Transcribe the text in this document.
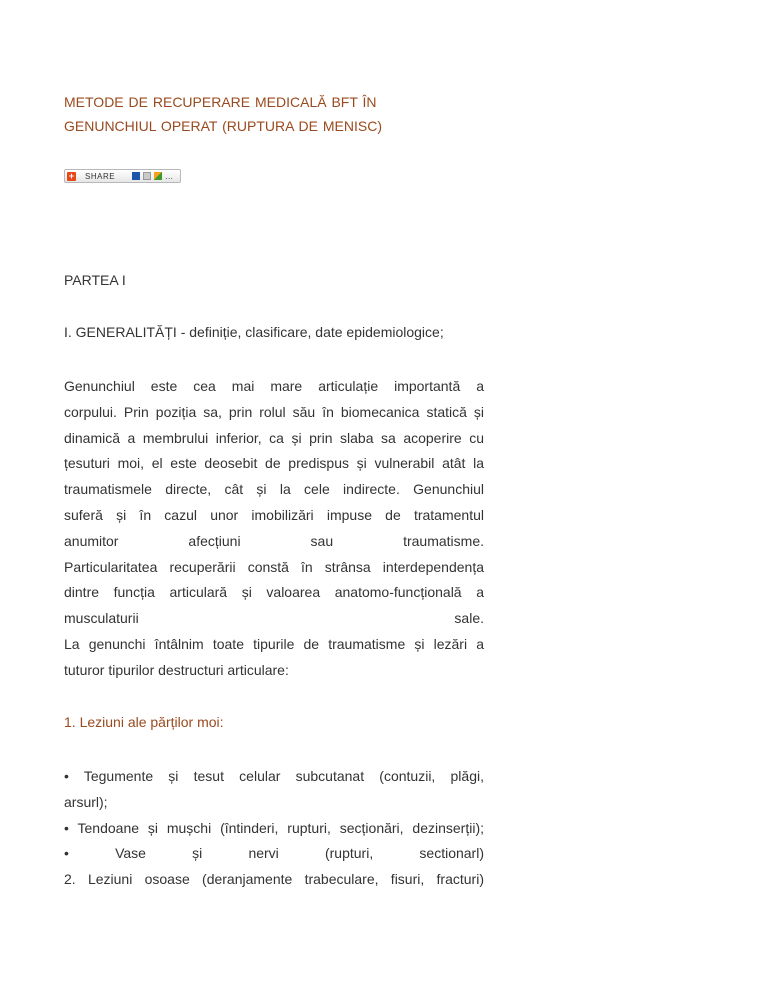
METODE DE RECUPERARE MEDICALĂ BFT ÎN
GENUNCHIUL OPERAT (RUPTURA DE MENISC)
+ SHARE	…
PARTEA I
I. GENERALITĂȚI - definiție, clasificare, date epidemiologice;
Genunchiul este cea mai mare articulație importantă a
corpului. Prin poziția sa, prin rolul său în biomecanica statică și
dinamică a membrului inferior, ca și prin slaba sa acoperire cu
țesuturi moi, el este deosebit de predispus și vulnerabil atât la
traumatismele directe, cât și la cele indirecte. Genunchiul
suferă și în cazul unor imobilizări impuse de tratamentul
anumitor afecțiuni sau traumatisme.
Particularitatea recuperării constă în strânsa interdependența
dintre funcția articulară și valoarea anatomo-funcțională a
musculaturii sale.
La genunchi întâlnim toate tipurile de traumatisme și lezări a
tuturor tipurilor destructuri articulare:
1. Leziuni ale părților moi:
• Tegumente și tesut celular subcutanat (contuzii, plăgi,
arsurl);
• Tendoane și mușchi (întinderi, rupturi, secționări, dezinserții);
• Vase și nervi (rupturi, sectionarl)
2. Leziuni osoase (deranjamente trabeculare, fisuri, fracturi)
